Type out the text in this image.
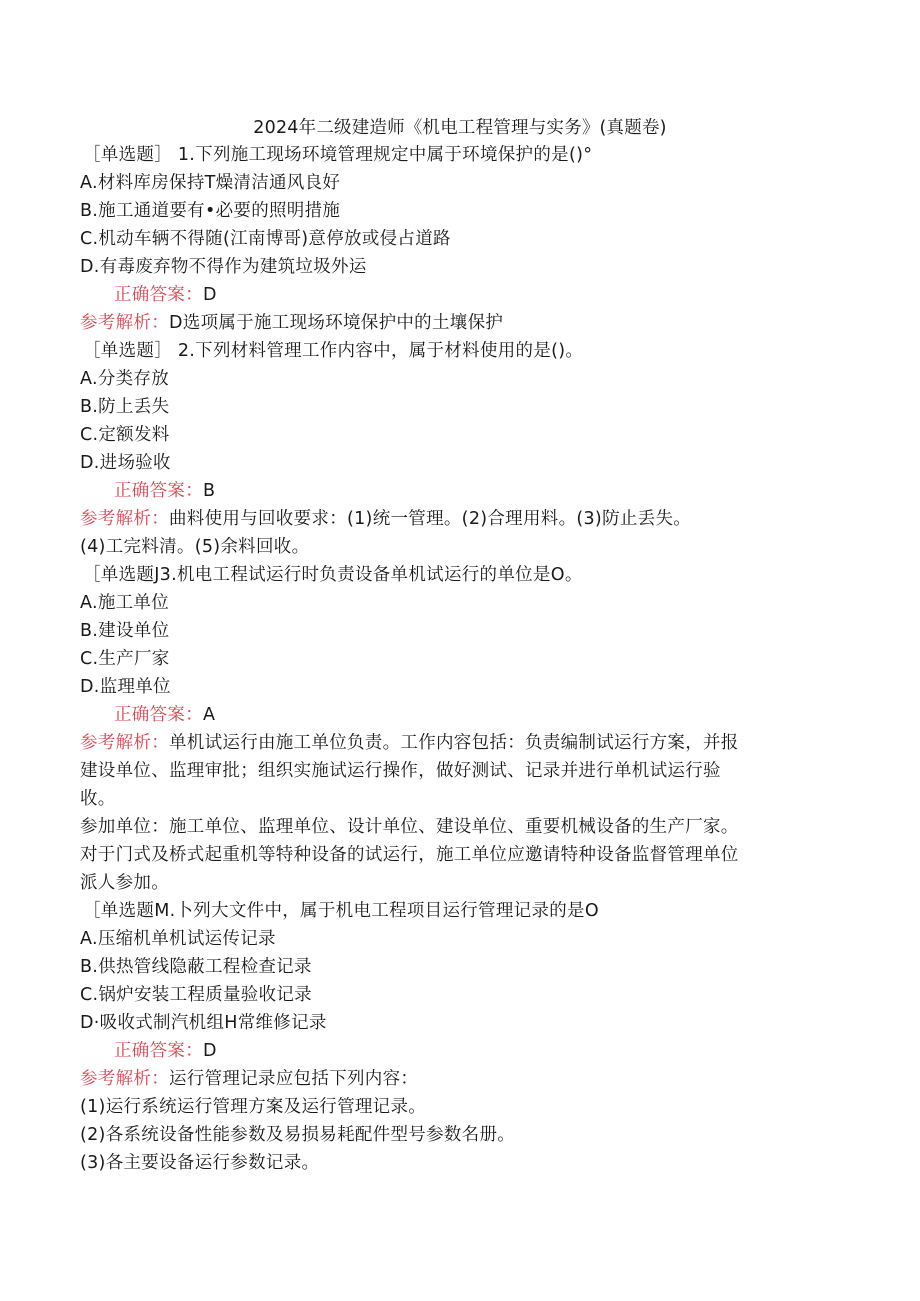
2024年二级建造师《机电工程管理与实务》(真题卷)
［单选题］ 1.下列施工现场环境管理规定中属于环境保护的是()°
A.材料库房保持T燥清洁通风良好
B.施工通道要有•必要的照明措施
C.机动车辆不得随(江南博哥)意停放或侵占道路
D.有毒废弃物不得作为建筑垃圾外运
正确答案：D
参考解析：D选项属于施工现场环境保护中的土壤保护
［单选题］ 2.下列材料管理工作内容中，属于材料使用的是()。
A.分类存放
B.防上丢失
C.定额发料
D.进场验收
正确答案：B
参考解析：曲料使用与回收要求：(1)统一管理。(2)合理用料。(3)防止丢失。
(4)工完料清。(5)余料回收。
［单选题J3.机电工程试运行时负责设备单机试运行的单位是O。
A.施工单位
B.建设单位
C.生产厂家
D.监理单位
正确答案：A
参考解析：单机试运行由施工单位负责。工作内容包括：负责编制试运行方案，并报
建设单位、监理审批；组织实施试运行操作，做好测试、记录并进行单机试运行验
收。
参加单位：施工单位、监理单位、设计单位、建设单位、重要机械设备的生产厂家。
对于门式及桥式起重机等特种设备的试运行，施工单位应邀请特种设备监督管理单位
派人参加。
［单选题M.卜列大文件中，属于机电工程项目运行管理记录的是O
A.压缩机单机试运传记录
B.供热管线隐蔽工程检查记录
C.锅炉安装工程质量验收记录
D·吸收式制汽机组H常维修记录
正确答案：D
参考解析：运行管理记录应包括下列内容：
(1)运行系统运行管理方案及运行管理记录。
(2)各系统设备性能参数及易损易耗配件型号参数名册。
(3)各主要设备运行参数记录。
